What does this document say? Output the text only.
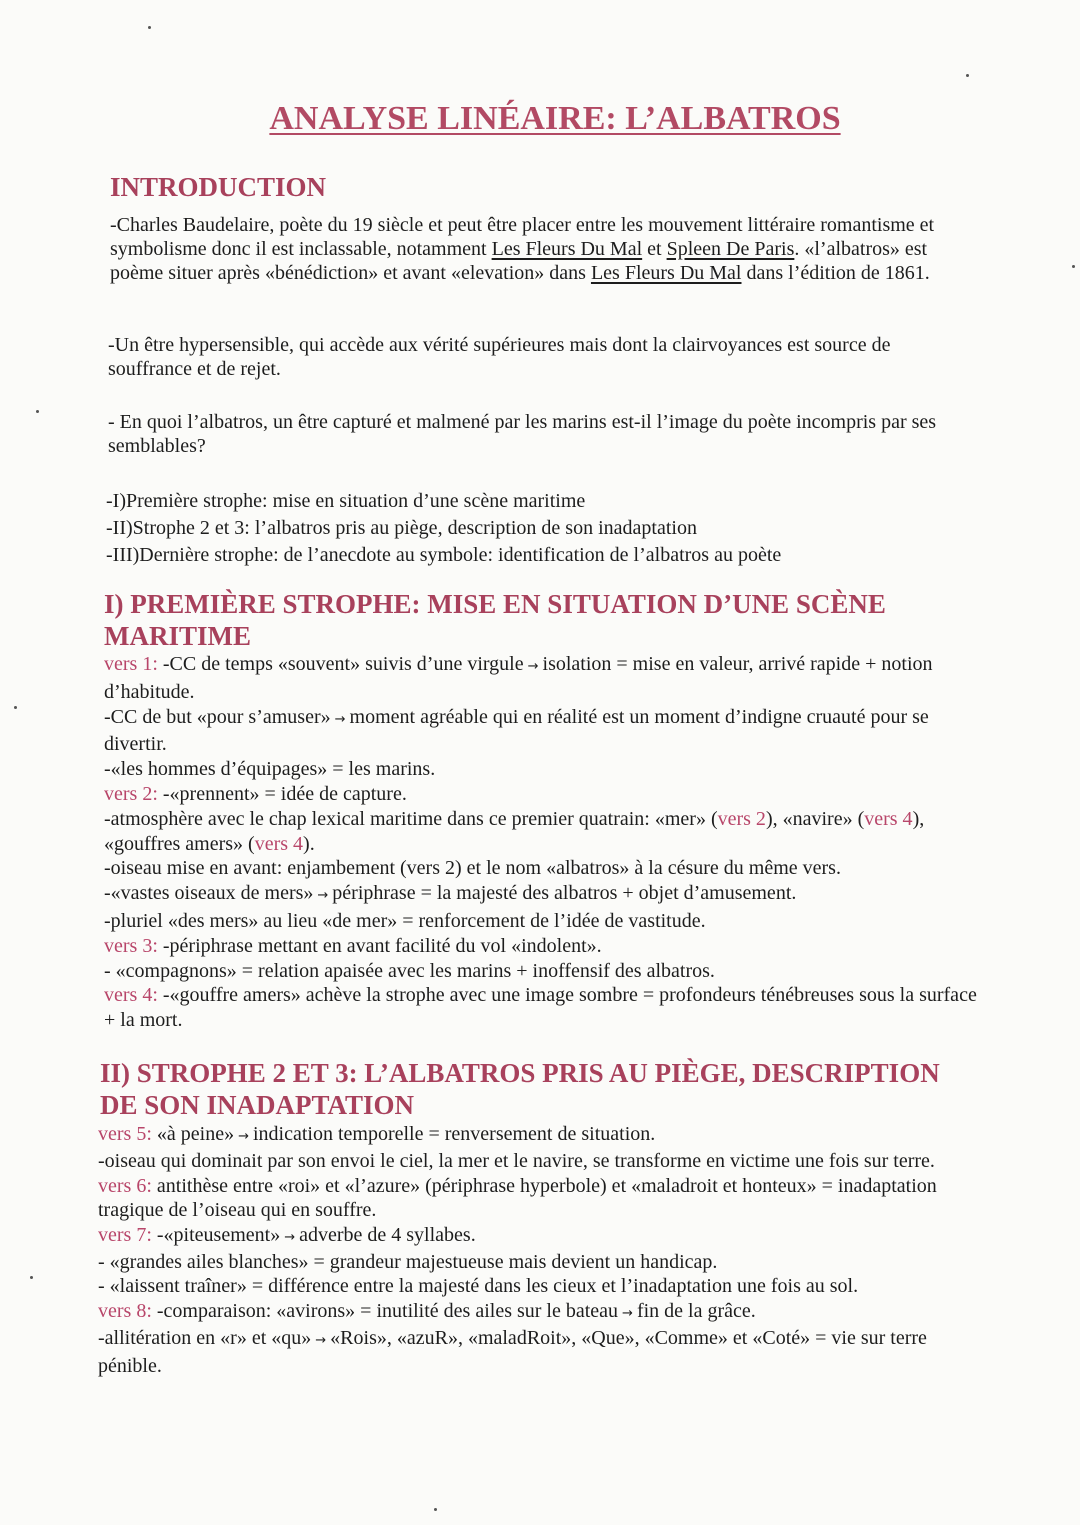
ANALYSE LINÉAIRE: L’ALBATROS
INTRODUCTION

-Charles Baudelaire, poète du 19 siècle et peut être placer entre les mouvement littéraire romantisme et symbolisme donc il est inclassable, notamment Les Fleurs Du Mal et Spleen De Paris. «l’albatros» est poème situer après «bénédiction» et avant «elevation» dans Les Fleurs Du Mal dans l’édition de 1861.

-Un être hypersensible, qui accède aux vérité supérieures mais dont la clairvoyances est source de souffrance et de rejet.

- En quoi l’albatros, un être capturé et malmené par les marins est-il l’image du poète incompris par ses semblables?

-I)Première strophe: mise en situation d’une scène maritime

-II)Strophe 2 et 3: l’albatros pris au piège, description de son inadaptation

-III)Dernière strophe: de l’anecdote au symbole: identification de l’albatros au poète

I) PREMIÈRE STROPHE: MISE EN SITUATION D’UNE SCÈNE MARITIME

vers 1: -CC de temps «souvent» suivis d’une virgule → isolation = mise en valeur, arrivé rapide + notion d’habitude.

-CC de but «pour s’amuser» → moment agréable qui en réalité est un moment d’indigne cruauté pour se divertir.

-«les hommes d’équipages» = les marins.

vers 2: -«prennent» = idée de capture.

-atmosphère avec le chap lexical maritime dans ce premier quatrain: «mer» (vers 2), «navire» (vers 4), «gouffres amers» (vers 4).

-oiseau mise en avant: enjambement (vers 2) et le nom «albatros» à la césure du même vers.

-«vastes oiseaux de mers» → périphrase = la majesté des albatros + objet d’amusement.

-pluriel «des mers» au lieu «de mer» = renforcement de l’idée de vastitude.

vers 3: -périphrase mettant en avant facilité du vol «indolent».

- «compagnons» = relation apaisée avec les marins + inoffensif des albatros.

vers 4: -«gouffre amers» achève la strophe avec une image sombre = profondeurs ténébreuses sous la surface + la mort.

II) STROPHE 2 ET 3: L’ALBATROS PRIS AU PIÈGE, DESCRIPTION DE SON INADAPTATION

vers 5: «à peine» → indication temporelle = renversement de situation.

-oiseau qui dominait par son envoi le ciel, la mer et le navire, se transforme en victime une fois sur terre.

vers 6: antithèse entre «roi» et «l’azure» (périphrase hyperbole) et «maladroit et honteux» = inadaptation tragique de l’oiseau qui en souffre.

vers 7: -«piteusement» → adverbe de 4 syllabes.

- «grandes ailes blanches» = grandeur majestueuse mais devient un handicap.

- «laissent traîner» = différence entre la majesté dans les cieux et l’inadaptation une fois au sol.

vers 8: -comparaison: «avirons» = inutilité des ailes sur le bateau → fin de la grâce.

-allitération en «r» et «qu» → «Rois», «azuR», «maladRoit», «Que», «Comme» et «Coté» = vie sur terre pénible.
